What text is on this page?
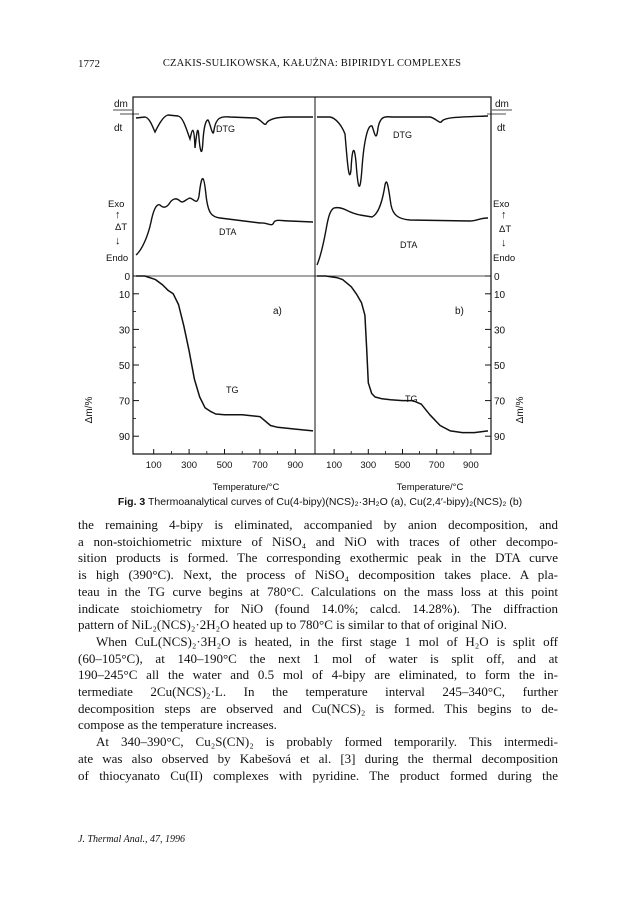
1772	CZAKIS-SULIKOWSKA, KAŁUŻNA: BIPIRIDYL COMPLEXES
dm
dt
Exo
↑
ΔT
↓
Endo
Δm/%
dm
dt
Exo
↑
ΔT
↓
Endo
Δm/%
DTG
DTA
DTG
DTA
0
10
30
50
70
90
100 300 500 700 900
0
10
30
50
70
90
100 300 500 700 900
a)	b)
TG
TG
Temperature/°C	Temperature/°C
Fig. 3 Thermoanalytical curves of Cu(4-bipy)(NCS)₂·3H₂O (a), Cu(2,4′-bipy)₂(NCS)₂ (b)

the remaining 4-bipy is eliminated, accompanied by anion decomposition, and
a non-stoichiometric mixture of NiSO₄ and NiO with traces of other decompo-
sition products is formed. The corresponding exothermic peak in the DTA curve
is high (390°C). Next, the process of NiSO₄ decomposition takes place. A pla-
teau in the TG curve begins at 780°C. Calculations on the mass loss at this point
indicate stoichiometry for NiO (found 14.0%; calcd. 14.28%). The diffraction
pattern of NiL₂(NCS)₂·2H₂O heated up to 780°C is similar to that of original NiO.

When CuL(NCS)₂·3H₂O is heated, in the first stage 1 mol of H₂O is split off
(60–105°C), at 140–190°C the next 1 mol of water is split off, and at
190–245°C all the water and 0.5 mol of 4-bipy are eliminated, to form the in-
termediate 2Cu(NCS)₂·L. In the temperature interval 245–340°C, further
decomposition steps are observed and Cu(NCS)₂ is formed. This begins to de-
compose as the temperature increases.

At 340–390°C, Cu₂S(CN)₂ is probably formed temporarily. This intermedi-
ate was also observed by Kabešová et al. [3] during the thermal decomposition
of thiocyanato Cu(II) complexes with pyridine. The product formed during the

J. Thermal Anal., 47, 1996
